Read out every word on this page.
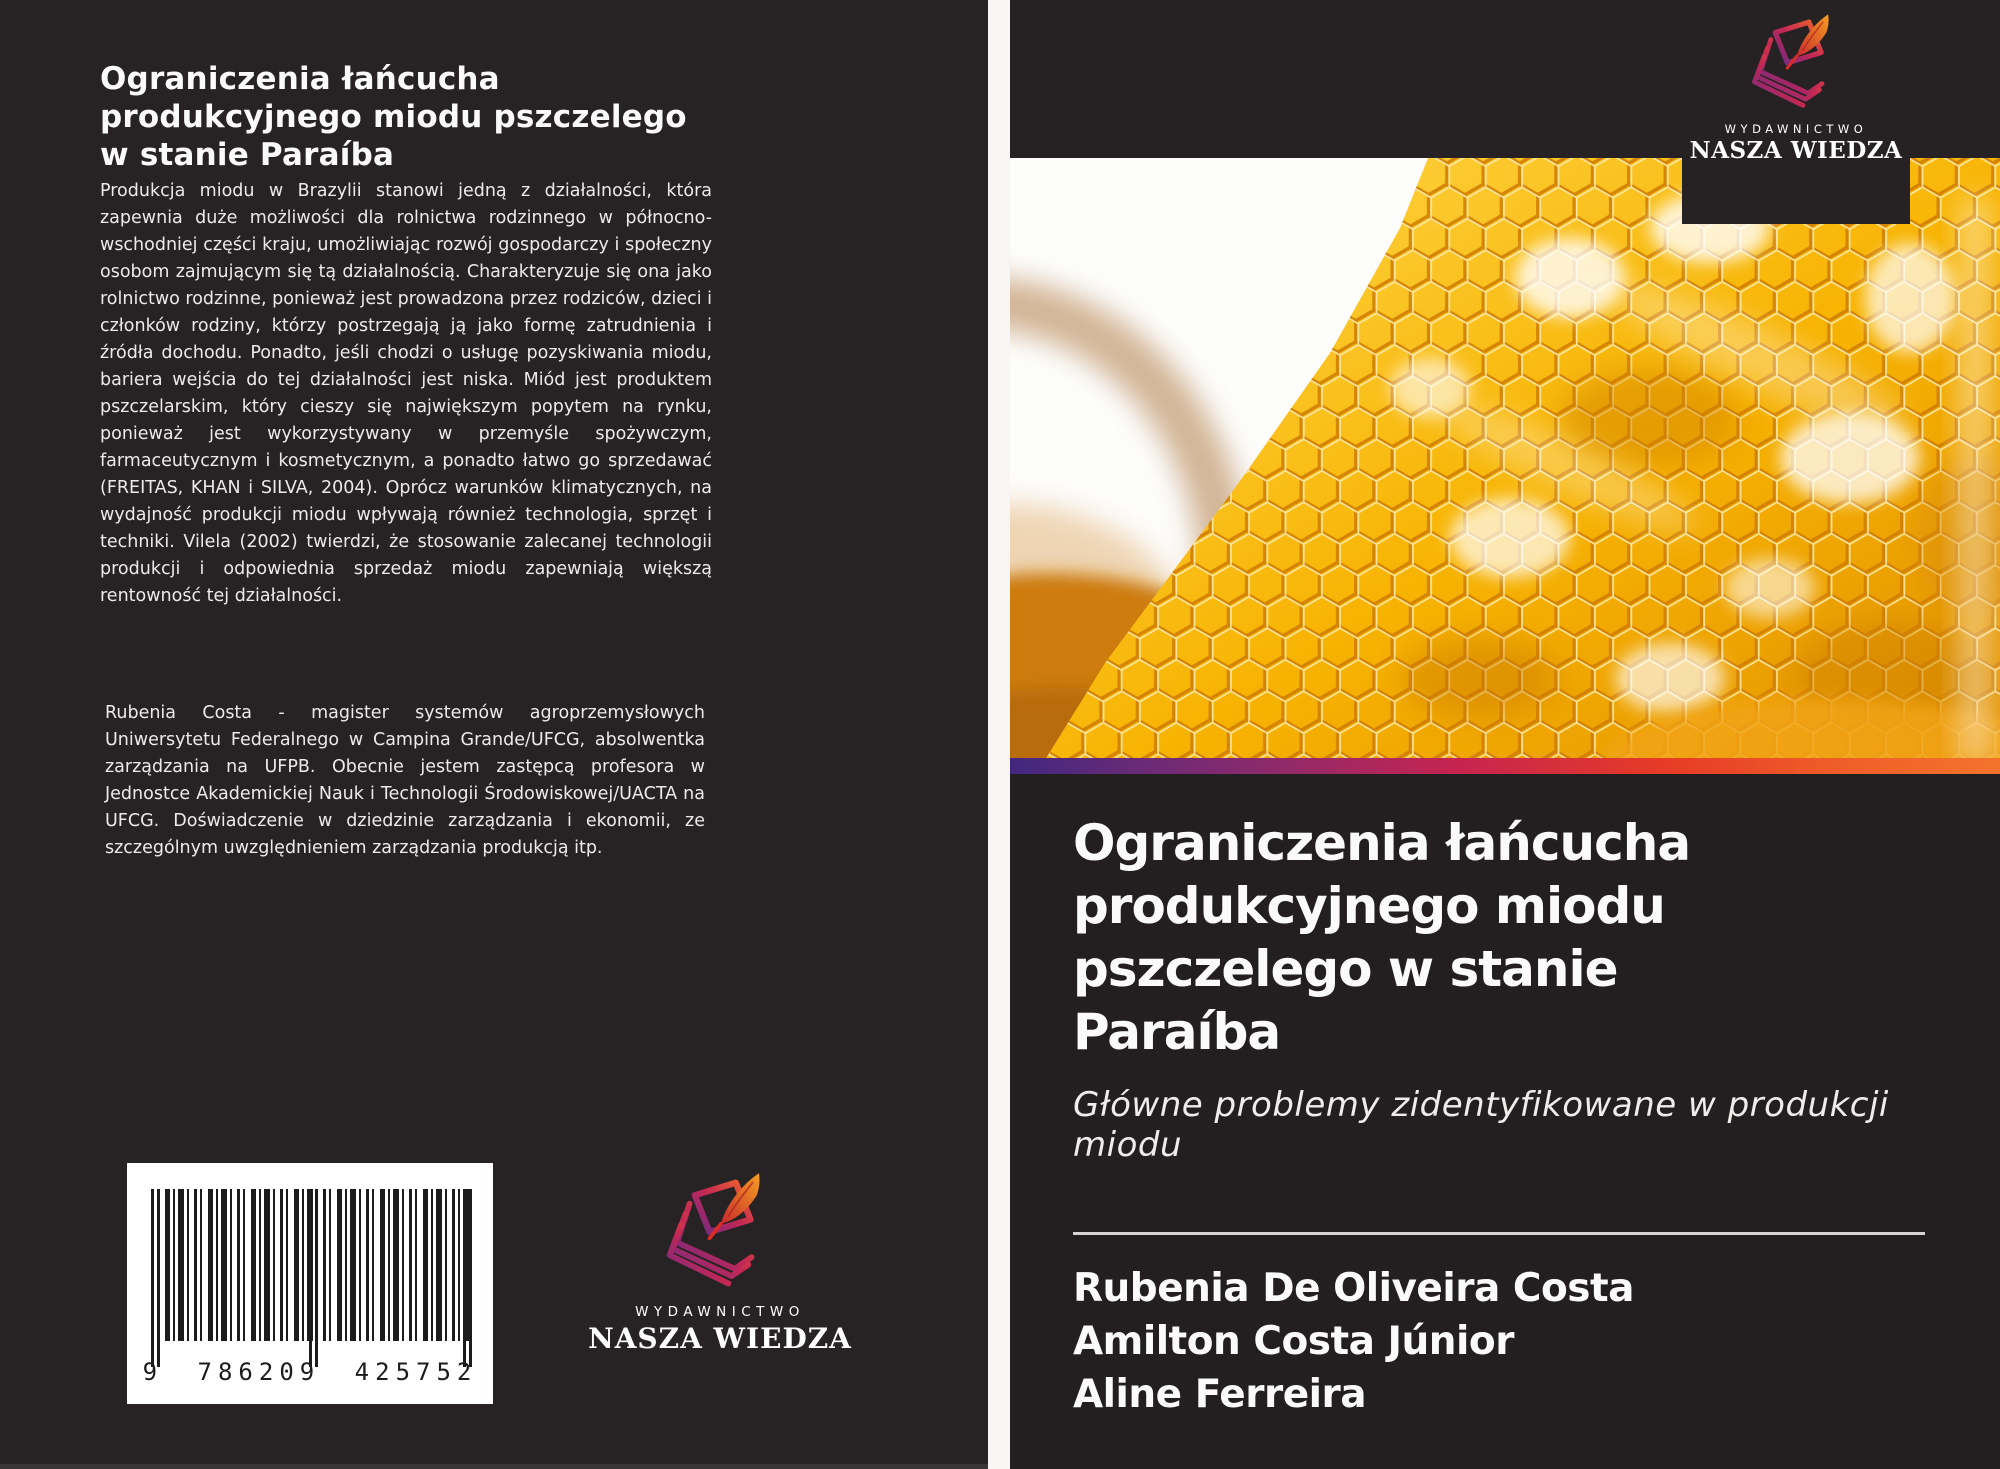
Ograniczenia łańcucha produkcyjnego miodu pszczelego w stanie Paraíba
Produkcja miodu w Brazylii stanowi jedną z działalności, która zapewnia duże możliwości dla rolnictwa rodzinnego w północno-wschodniej części kraju, umożliwiając rozwój gospodarczy i społeczny osobom zajmującym się tą działalnością. Charakteryzuje się ona jako rolnictwo rodzinne, ponieważ jest prowadzona przez rodziców, dzieci i członków rodziny, którzy postrzegają ją jako formę zatrudnienia i źródła dochodu. Ponadto, jeśli chodzi o usługę pozyskiwania miodu, bariera wejścia do tej działalności jest niska. Miód jest produktem pszczelarskim, który cieszy się największym popytem na rynku, ponieważ jest wykorzystywany w przemyśle spożywczym, farmaceutycznym i kosmetycznym, a ponadto łatwo go sprzedawać (FREITAS, KHAN i SILVA, 2004). Oprócz warunków klimatycznych, na wydajność produkcji miodu wpływają również technologia, sprzęt i techniki. Vilela (2002) twierdzi, że stosowanie zalecanej technologii produkcji i odpowiednia sprzedaż miodu zapewniają większą rentowność tej działalności.
Rubenia Costa - magister systemów agroprzemysłowych Uniwersytetu Federalnego w Campina Grande/UFCG, absolwentka zarządzania na UFPB. Obecnie jestem zastępcą profesora w Jednostce Akademickiej Nauk i Technologii Środowiskowej/UACTA na UFCG. Doświadczenie w dziedzinie zarządzania i ekonomii, ze szczególnym uwzględnieniem zarządzania produkcją itp.
9 786209 425752
WYDAWNICTWO
NASZA WIEDZA
WYDAWNICTWO
NASZA WIEDZA
Ograniczenia łańcucha produkcyjnego miodu pszczelego w stanie Paraíba
Główne problemy zidentyfikowane w produkcji miodu
Rubenia De Oliveira Costa
Amilton Costa Júnior
Aline Ferreira
